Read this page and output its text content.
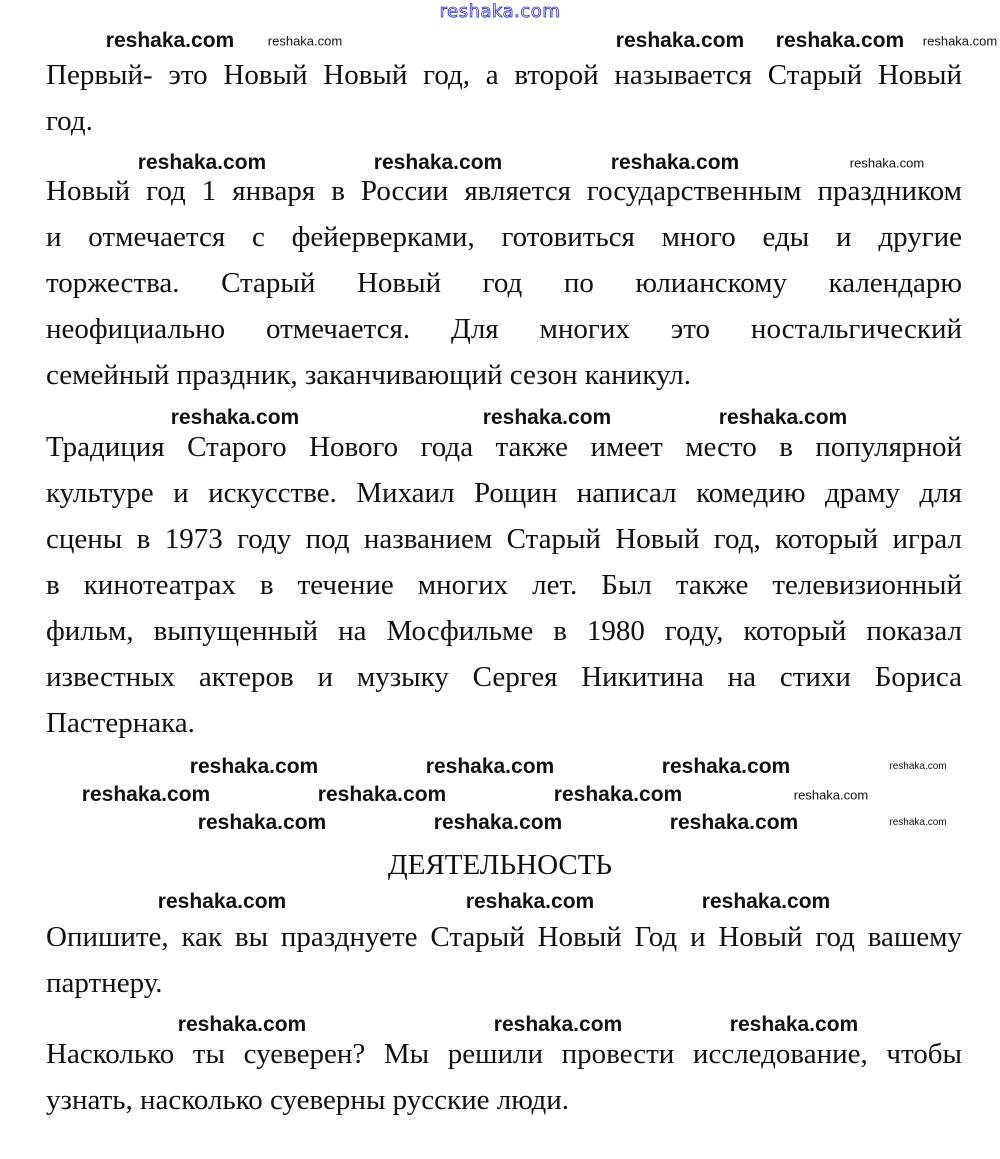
reshaka.com
Первый- это Новый Новый год, а второй называется Старый Новый
год.
Новый год 1 января в России является государственным праздником
и отмечается с фейерверками, готовиться много еды и другие
торжества. Старый Новый год по юлианскому календарю
неофициально отмечается. Для многих это ностальгический
семейный праздник, заканчивающий сезон каникул.
Традиция Старого Нового года также имеет место в популярной
культуре и искусстве. Михаил Рощин написал комедию драму для
сцены в 1973 году под названием Старый Новый год, который играл
в кинотеатрах в течение многих лет. Был также телевизионный
фильм, выпущенный на Мосфильме в 1980 году, который показал
известных актеров и музыку Сергея Никитина на стихи Бориса
Пастернака.
ДЕЯТЕЛЬНОСТЬ
Опишите, как вы празднуете Старый Новый Год и Новый год вашему
партнеру.
Насколько ты суеверен? Мы решили провести исследование, чтобы
узнать, насколько суеверны русские люди.
reshaka.com	reshaka.com	reshaka.com reshaka.com reshaka.com
reshaka.com	reshaka.com	reshaka.com	reshaka.com
reshaka.com	reshaka.com	reshaka.com
reshaka.com	reshaka.com	reshaka.com	reshaka.com
reshaka.com	reshaka.com	reshaka.com	reshaka.com
reshaka.com	reshaka.com	reshaka.com	reshaka.com
reshaka.com	reshaka.com	reshaka.com
reshaka.com	reshaka.com	reshaka.com
